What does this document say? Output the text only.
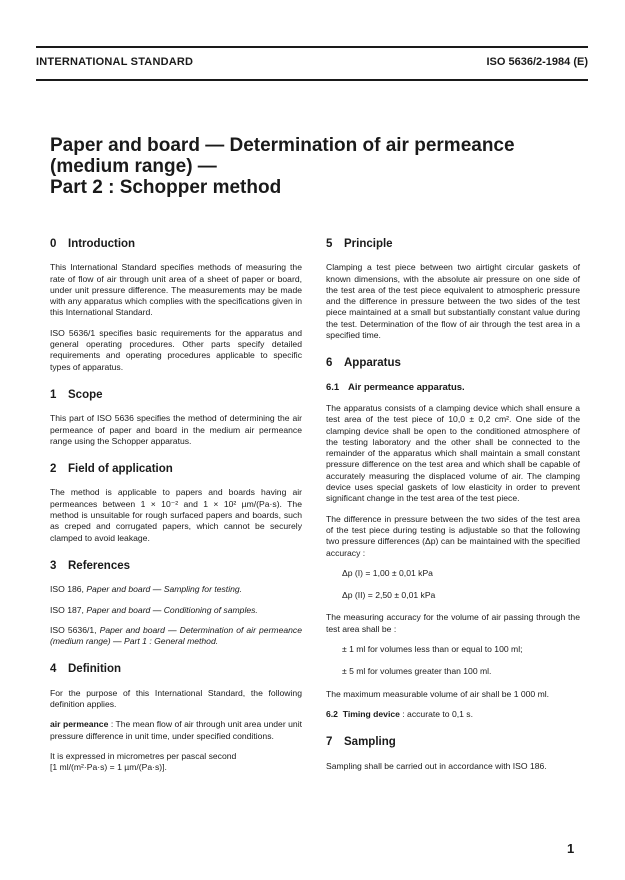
INTERNATIONAL STANDARD	ISO 5636/2-1984 (E)
Paper and board — Determination of air permeance
(medium range) —
Part 2 : Schopper method
0 Introduction

This International Standard specifies methods of measuring the rate of flow of air through unit area of a sheet of paper or board, under unit pressure difference. The measurements may be made with any apparatus which complies with the specifications given in this International Standard.

ISO 5636/1 specifies basic requirements for the apparatus and general operating procedures. Other parts specify detailed requirements and operating procedures applicable to specific types of apparatus.

1 Scope

This part of ISO 5636 specifies the method of determining the air permeance of paper and board in the medium air permeance range using the Schopper apparatus.

2 Field of application

The method is applicable to papers and boards having air permeances between 1 × 10⁻² and 1 × 10² µm/(Pa·s). The method is unsuitable for rough surfaced papers and boards, such as creped and corrugated papers, which cannot be securely clamped to avoid leakage.

3 References

ISO 186, Paper and board — Sampling for testing.

ISO 187, Paper and board — Conditioning of samples.

ISO 5636/1, Paper and board — Determination of air permeance (medium range) — Part 1 : General method.

4 Definition

For the purpose of this International Standard, the following definition applies.

air permeance : The mean flow of air through unit area under unit pressure difference in unit time, under specified conditions.

It is expressed in micrometres per pascal second
[1 ml/(m²·Pa·s) = 1 µm/(Pa·s)].

5 Principle

Clamping a test piece between two airtight circular gaskets of known dimensions, with the absolute air pressure on one side of the test area of the test piece equivalent to atmospheric pressure and the difference in pressure between the two sides of the test piece maintained at a small but substantially constant value during the test. Determination of the flow of air through the test area in a specified time.

6 Apparatus
6.1 Air permeance apparatus.

The apparatus consists of a clamping device which shall ensure a test area of the test piece of 10,0 ± 0,2 cm². One side of the clamping device shall be open to the conditioned atmosphere of the testing laboratory and the other shall be connected to the remainder of the apparatus which shall maintain a small constant pressure difference on the test area and which shall be capable of accurately measuring the displaced volume of air. The clamping device uses special gaskets of low elasticity in order to prevent significant change in the test area of the test piece.

The difference in pressure between the two sides of the test area of the test piece during testing is adjustable so that the following two pressure differences (Δp) can be maintained with the specified accuracy :

Δp (I) = 1,00 ± 0,01 kPa

Δp (II) = 2,50 ± 0,01 kPa

The measuring accuracy for the volume of air passing through the test area shall be :

± 1 ml for volumes less than or equal to 100 ml;

± 5 ml for volumes greater than 100 ml.

The maximum measurable volume of air shall be 1 000 ml.

6.2 Timing device : accurate to 0,1 s.

7 Sampling

Sampling shall be carried out in accordance with ISO 186.

1
